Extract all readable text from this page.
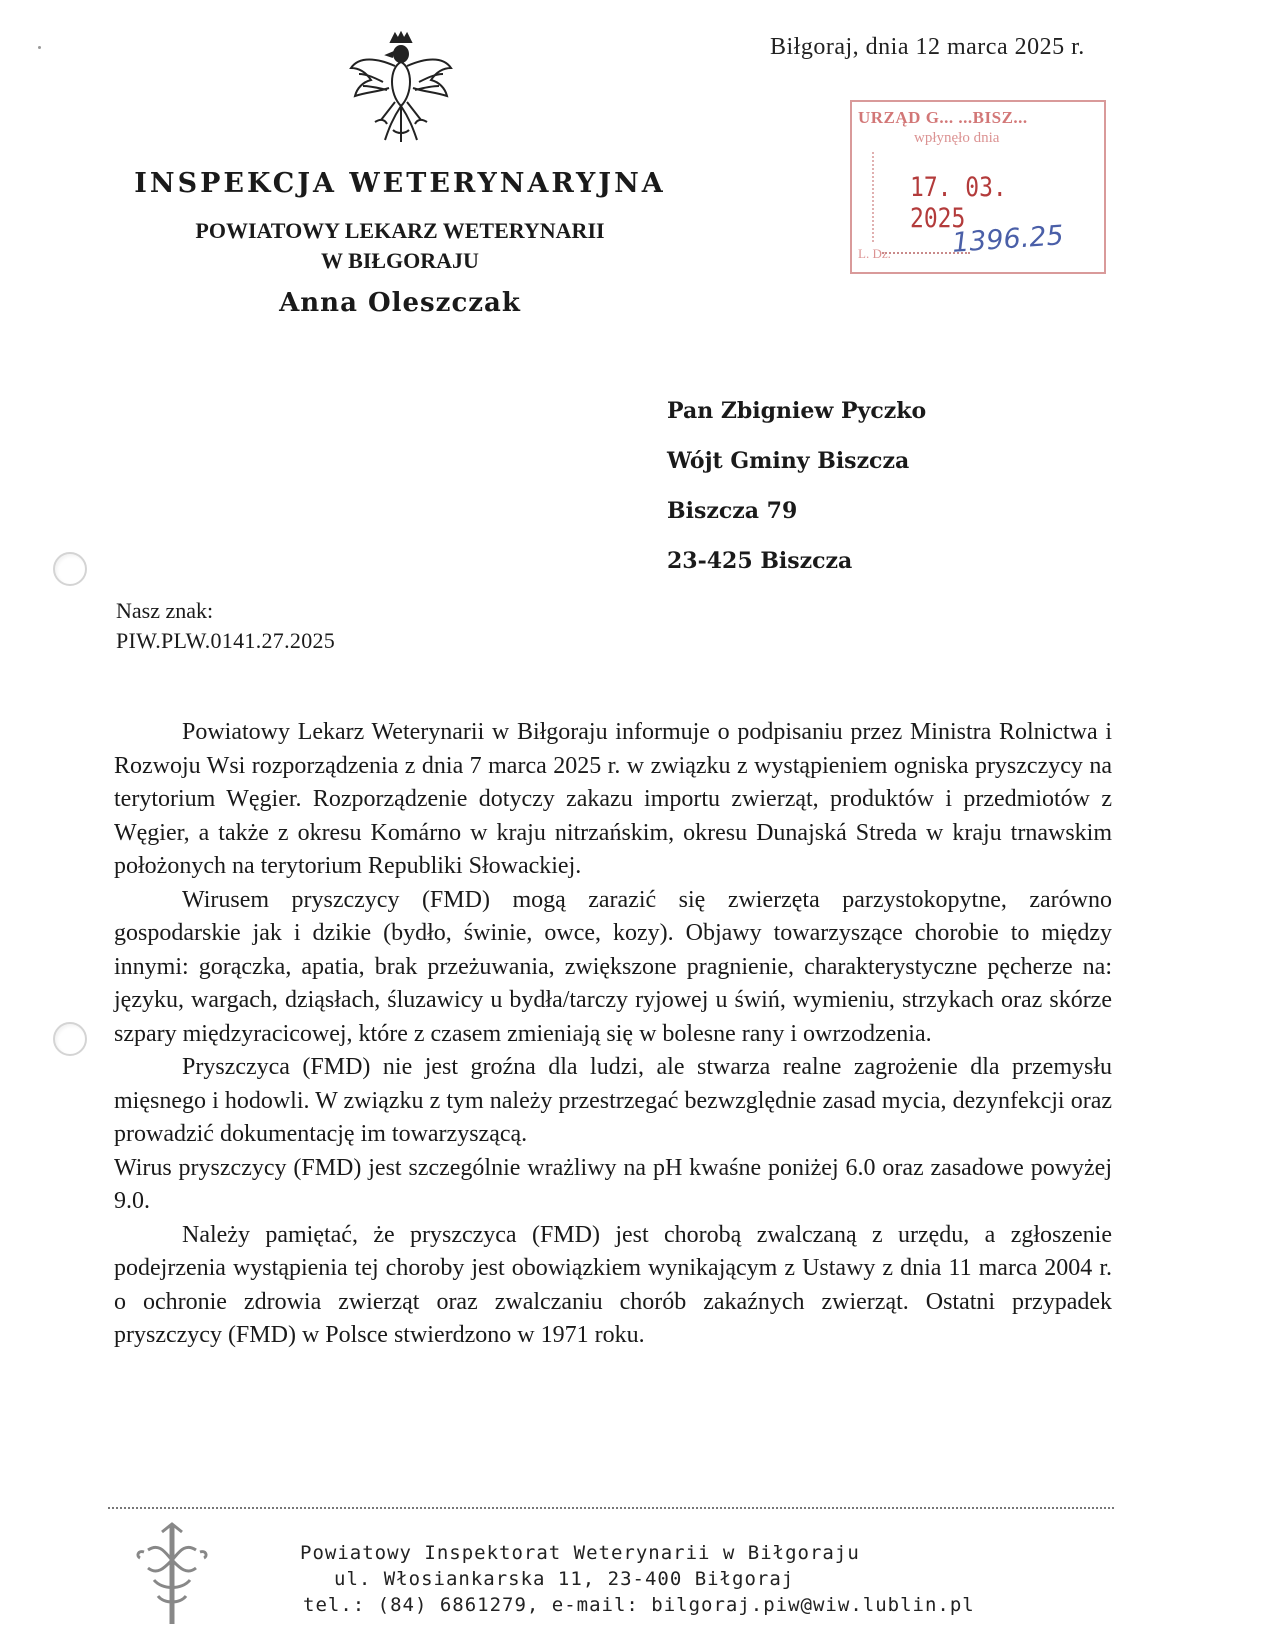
Biłgoraj, dnia 12 marca 2025 r.
INSPEKCJA WETERYNARYJNA
POWIATOWY LEKARZ WETERYNARII
W BIŁGORAJU
Anna Oleszczak
URZĄD G... ...BISZ...
wpłynęło dnia
17. 03. 2025
L. Dz. 1396.25
Pan Zbigniew Pyczko
Wójt Gminy Biszcza
Biszcza 79
23-425 Biszcza
Nasz znak:
PIW.PLW.0141.27.2025

Powiatowy Lekarz Weterynarii w Biłgoraju informuje o podpisaniu przez Ministra Rolnictwa i Rozwoju Wsi rozporządzenia z dnia 7 marca 2025 r. w związku z wystąpieniem ogniska pryszczycy na terytorium Węgier. Rozporządzenie dotyczy zakazu importu zwierząt, produktów i przedmiotów z Węgier, a także z okresu Komárno w kraju nitrzańskim, okresu Dunajská Streda w kraju trnawskim położonych na terytorium Republiki Słowackiej.

Wirusem pryszczycy (FMD) mogą zarazić się zwierzęta parzystokopytne, zarówno gospodarskie jak i dzikie (bydło, świnie, owce, kozy). Objawy towarzyszące chorobie to między innymi: gorączka, apatia, brak przeżuwania, zwiększone pragnienie, charakterystyczne pęcherze na: języku, wargach, dziąsłach, śluzawicy u bydła/tarczy ryjowej u świń, wymieniu, strzykach oraz skórze szpary międzyracicowej, które z czasem zmieniają się w bolesne rany i owrzodzenia.

Pryszczyca (FMD) nie jest groźna dla ludzi, ale stwarza realne zagrożenie dla przemysłu mięsnego i hodowli. W związku z tym należy przestrzegać bezwzględnie zasad mycia, dezynfekcji oraz prowadzić dokumentację im towarzyszącą.

Wirus pryszczycy (FMD) jest szczególnie wrażliwy na pH kwaśne poniżej 6.0 oraz zasadowe powyżej 9.0.

Należy pamiętać, że pryszczyca (FMD) jest chorobą zwalczaną z urzędu, a zgłoszenie podejrzenia wystąpienia tej choroby jest obowiązkiem wynikającym z Ustawy z dnia 11 marca 2004 r. o ochronie zdrowia zwierząt oraz zwalczaniu chorób zakaźnych zwierząt. Ostatni przypadek pryszczycy (FMD) w Polsce stwierdzono w 1971 roku.

Powiatowy Inspektorat Weterynarii w Biłgoraju
ul. Włosiankarska 11, 23-400 Biłgoraj
tel.: (84) 6861279, e-mail: bilgoraj.piw@wiw.lublin.pl
